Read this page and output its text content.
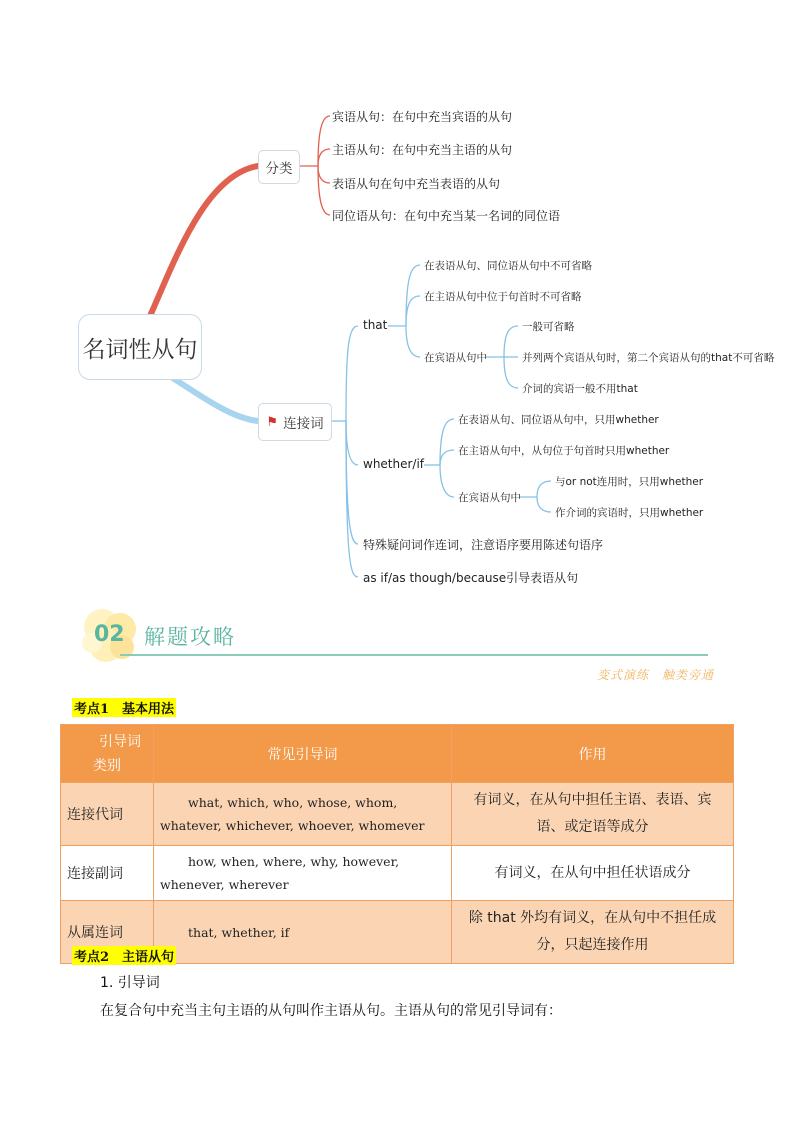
名词性从句
分类
宾语从句：在句中充当宾语的从句
主语从句：在句中充当主语的从句
表语从句在句中充当表语的从句
同位语从句：在句中充当某一名词的同位语
⚑ 连接词
that
在表语从句、同位语从句中不可省略
在主语从句中位于句首时不可省略
在宾语从句中
一般可省略
并列两个宾语从句时，第二个宾语从句的that不可省略
介词的宾语一般不用that
whether/if
在表语从句、同位语从句中，只用whether
在主语从句中，从句位于句首时只用whether
在宾语从句中
与or not连用时，只用whether
作介词的宾语时，只用whether
特殊疑问词作连词，注意语序要用陈述句语序
as if/as though/because引导表语从句
02 解题攻略
变式演练　触类旁通
考点1　基本用法
引导词
类别	常见引导词	作用
连接代词	what, which, who, whose, whom, whatever, whichever, whoever, whomever	有词义，在从句中担任主语、表语、宾语、或定语等成分
连接副词	how, when, where, why, however, whenever, wherever	有词义，在从句中担任状语成分
从属连词	that, whether, if	除 that 外均有词义，在从句中不担任成分，只起连接作用
考点2　主语从句
1. 引导词
在复合句中充当主句主语的从句叫作主语从句。主语从句的常见引导词有：
